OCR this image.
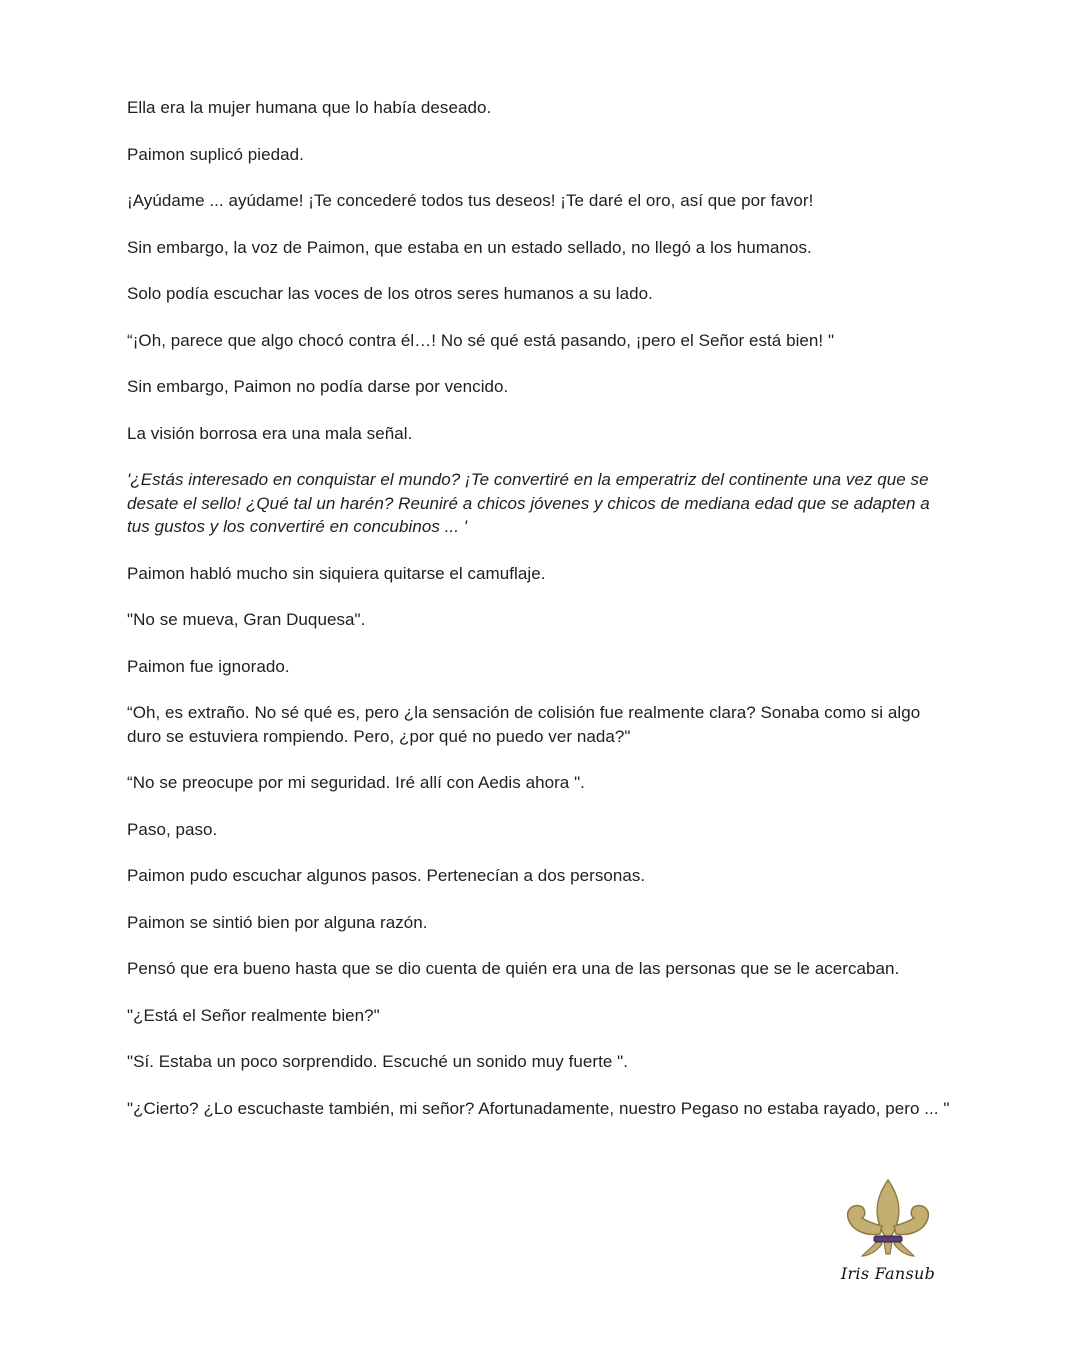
Ella era la mujer humana que lo había deseado.

Paimon suplicó piedad.

¡Ayúdame ... ayúdame! ¡Te concederé todos tus deseos! ¡Te daré el oro, así que por favor!

Sin embargo, la voz de Paimon, que estaba en un estado sellado, no llegó a los humanos.

Solo podía escuchar las voces de los otros seres humanos a su lado.

“¡Oh, parece que algo chocó contra él…! No sé qué está pasando, ¡pero el Señor está bien! "

Sin embargo, Paimon no podía darse por vencido.

La visión borrosa era una mala señal.

'¿Estás interesado en conquistar el mundo? ¡Te convertiré en la emperatriz del continente una vez que se desate el sello! ¿Qué tal un harén? Reuniré a chicos jóvenes y chicos de mediana edad que se adapten a tus gustos y los convertiré en concubinos ... '

Paimon habló mucho sin siquiera quitarse el camuflaje.

"No se mueva, Gran Duquesa".

Paimon fue ignorado.

“Oh, es extraño. No sé qué es, pero ¿la sensación de colisión fue realmente clara? Sonaba como si algo duro se estuviera rompiendo. Pero, ¿por qué no puedo ver nada?"

“No se preocupe por mi seguridad. Iré allí con Aedis ahora ".

Paso, paso.

Paimon pudo escuchar algunos pasos. Pertenecían a dos personas.

Paimon se sintió bien por alguna razón.

Pensó que era bueno hasta que se dio cuenta de quién era una de las personas que se le acercaban.

"¿Está el Señor realmente bien?"

"Sí. Estaba un poco sorprendido. Escuché un sonido muy fuerte ".

"¿Cierto? ¿Lo escuchaste también, mi señor? Afortunadamente, nuestro Pegaso no estaba rayado, pero ... "

Iris Fansub
